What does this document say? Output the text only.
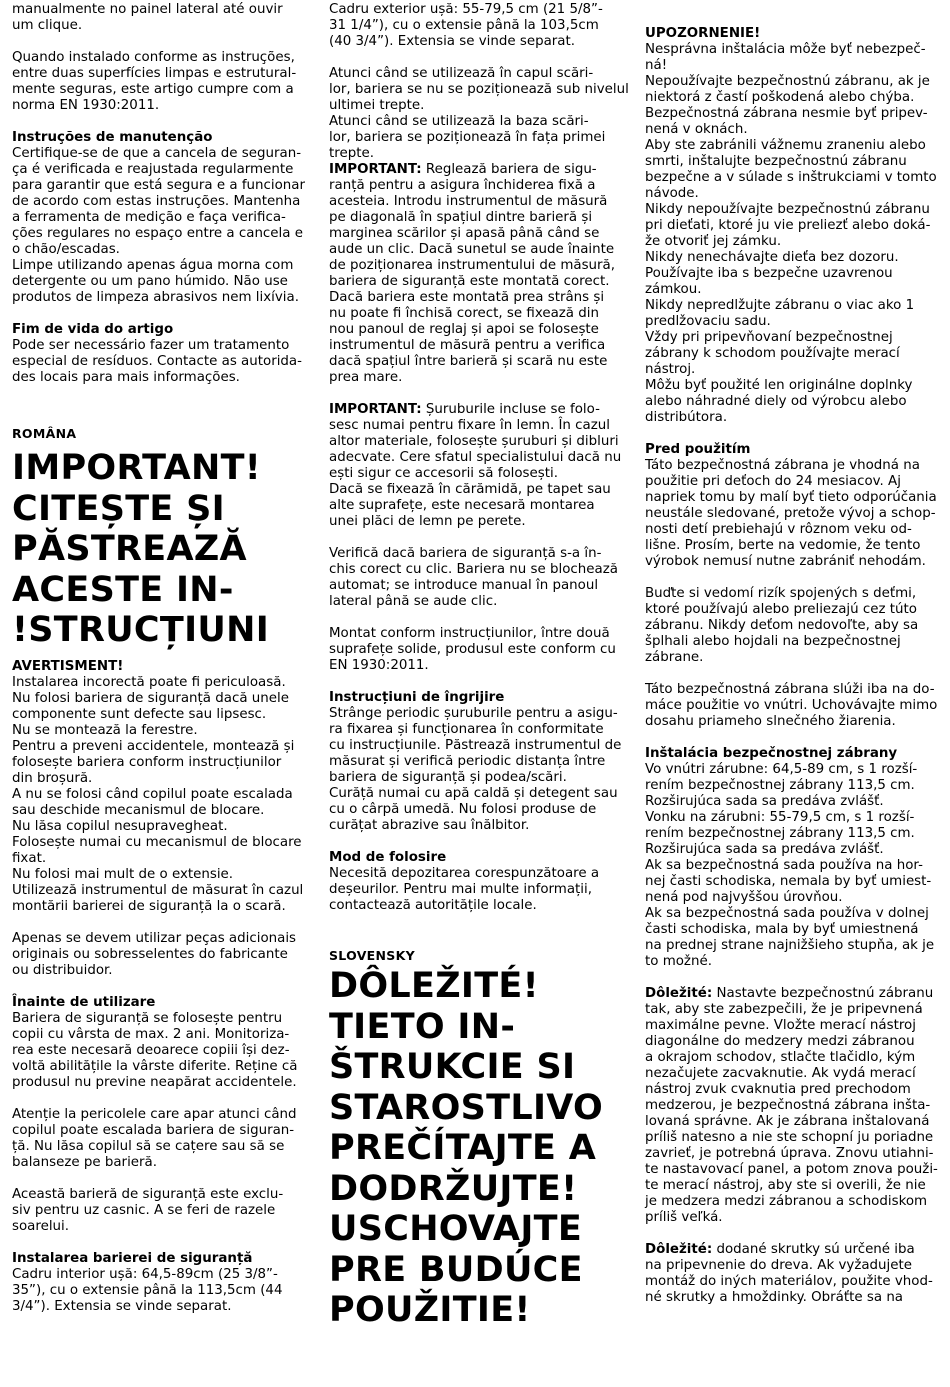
manualmente no painel lateral até ouvir
um clique.

Quando instalado conforme as instruções,
entre duas superfícies limpas e estrutural-
mente seguras, este artigo cumpre com a
norma EN 1930:2011.

Instruções de manutenção

Certifique-se de que a cancela de seguran-
ça é verificada e reajustada regularmente
para garantir que está segura e a funcionar
de acordo com estas instruções. Mantenha
a ferramenta de medição e faça verifica-
ções regulares no espaço entre a cancela e
o chão/escadas.
Limpe utilizando apenas água morna com
detergente ou um pano húmido. Não use
produtos de limpeza abrasivos nem lixívia.

Fim de vida do artigo

Pode ser necessário fazer um tratamento
especial de resíduos. Contacte as autorida-
des locais para mais informações.

ROMÂNA

IMPORTANT!
CITEȘTE ȘI
PĂSTREAZĂ
ACESTE IN-
!STRUCȚIUNI

AVERTISMENT!

Instalarea incorectă poate fi periculoasă.
Nu folosi bariera de siguranță dacă unele
componente sunt defecte sau lipsesc.
Nu se montează la ferestre.
Pentru a preveni accidentele, montează și
folosește bariera conform instrucțiunilor
din broșură.
A nu se folosi când copilul poate escalada
sau deschide mecanismul de blocare.
Nu lăsa copilul nesupravegheat.
Folosește numai cu mecanismul de blocare
fixat.
Nu folosi mai mult de o extensie.
Utilizează instrumentul de măsurat în cazul
montării barierei de siguranță la o scară.

Apenas se devem utilizar peças adicionais
originais ou sobresselentes do fabricante
ou distribuidor.

Înainte de utilizare

Bariera de siguranță se folosește pentru
copii cu vârsta de max. 2 ani. Monitoriza-
rea este necesară deoarece copiii își dez-
voltă abilitățile la vârste diferite. Reține că
produsul nu previne neapărat accidentele.

Atenție la pericolele care apar atunci când
copilul poate escalada bariera de siguran-
ță. Nu lăsa copilul să se cațere sau să se
balanseze pe barieră.

Această barieră de siguranță este exclu-
siv pentru uz casnic. A se feri de razele
soarelui.

Instalarea barierei de siguranță

Cadru interior ușă: 64,5-89cm (25 3/8”-
35”), cu o extensie până la 113,5cm (44
3/4”). Extensia se vinde separat.

Cadru exterior ușă: 55-79,5 cm (21 5/8”-
31 1/4”), cu o extensie până la 103,5cm
(40 3/4”). Extensia se vinde separat.

Atunci când se utilizează în capul scări-
lor, bariera se nu se poziționează sub nivelul
ultimei trepte.
Atunci când se utilizează la baza scări-
lor, bariera se poziționează în fața primei
trepte.

IMPORTANT: Reglează bariera de sigu-
ranță pentru a asigura închiderea fixă a
acesteia. Introdu instrumentul de măsură
pe diagonală în spațiul dintre barieră și
marginea scărilor și apasă până când se
aude un clic. Dacă sunetul se aude înainte
de poziționarea instrumentului de măsură,
bariera de siguranță este montată corect.
Dacă bariera este montată prea strâns și
nu poate fi închisă corect, se fixează din
nou panoul de reglaj și apoi se folosește
instrumentul de măsură pentru a verifica
dacă spațiul între barieră și scară nu este
prea mare.

IMPORTANT: Șuruburile incluse se folo-
sesc numai pentru fixare în lemn. În cazul
altor materiale, folosește șuruburi și dibluri
adecvate. Cere sfatul specialistului dacă nu
ești sigur ce accesorii să folosești.
Dacă se fixează în cărămidă, pe tapet sau
alte suprafețe, este necesară montarea
unei plăci de lemn pe perete.

Verifică dacă bariera de siguranță s-a în-
chis corect cu clic. Bariera nu se blochează
automat; se introduce manual în panoul
lateral până se aude clic.

Montat conform instrucțiunilor, între două
suprafețe solide, produsul este conform cu
EN 1930:2011.

Instrucțiuni de îngrijire

Strânge periodic șuruburile pentru a asigu-
ra fixarea și funcționarea în conformitate
cu instrucțiunile. Păstrează instrumentul de
măsurat și verifică periodic distanța între
bariera de siguranță și podea/scări.
Curăță numai cu apă caldă și detegent sau
cu o cârpă umedă. Nu folosi produse de
curățat abrazive sau înălbitor.

Mod de folosire

Necesită depozitarea corespunzătoare a
deșeurilor. Pentru mai multe informații,
contactează autoritățile locale.

SLOVENSKY

DÔLEŽITÉ!
TIETO IN-
ŠTRUKCIE SI
STAROSTLIVO
PREČÍTAJTE A
DODRŽUJTE!
USCHOVAJTE
PRE BUDÚCE
POUŽITIE!

UPOZORNENIE!

Nesprávna inštalácia môže byť nebezpeč-
ná!
Nepoužívajte bezpečnostnú zábranu, ak je
niektorá z častí poškodená alebo chýba.
Bezpečnostná zábrana nesmie byť pripev-
nená v oknách.
Aby ste zabránili vážnemu zraneniu alebo
smrti, inštalujte bezpečnostnú zábranu
bezpečne a v súlade s inštrukciami v tomto
návode.
Nikdy nepoužívajte bezpečnostnú zábranu
pri dieťati, ktoré ju vie preliezť alebo doká-
že otvoriť jej zámku.
Nikdy nenechávajte dieťa bez dozoru.
Používajte iba s bezpečne uzavrenou
zámkou.
Nikdy nepredlžujte zábranu o viac ako 1
predlžovaciu sadu.
Vždy pri pripevňovaní bezpečnostnej
zábrany k schodom používajte merací
nástroj.
Môžu byť použité len originálne doplnky
alebo náhradné diely od výrobcu alebo
distribútora.

Pred použitím

Táto bezpečnostná zábrana je vhodná na
použitie pri deťoch do 24 mesiacov. Aj
napriek tomu by malí byť tieto odporúčania
neustále sledované, pretože vývoj a schop-
nosti detí prebiehajú v rôznom veku od-
lišne. Prosím, berte na vedomie, že tento
výrobok nemusí nutne zabrániť nehodám.

Buďte si vedomí rizík spojených s deťmi,
ktoré používajú alebo preliezajú cez túto
zábranu. Nikdy deťom nedovoľte, aby sa
šplhali alebo hojdali na bezpečnostnej
zábrane.

Táto bezpečnostná zábrana slúži iba na do-
máce použitie vo vnútri. Uchovávajte mimo
dosahu priameho slnečného žiarenia.

Inštalácia bezpečnostnej zábrany

Vo vnútri zárubne: 64,5-89 cm, s 1 rozší-
rením bezpečnostnej zábrany 113,5 cm.
Rozširujúca sada sa predáva zvlášť.
Vonku na zárubni: 55-79,5 cm, s 1 rozší-
rením bezpečnostnej zábrany 113,5 cm.
Rozširujúca sada sa predáva zvlášť.
Ak sa bezpečnostná sada používa na hor-
nej časti schodiska, nemala by byť umiest-
nená pod najvyššou úrovňou.
Ak sa bezpečnostná sada používa v dolnej
časti schodiska, mala by byť umiestnená
na prednej strane najnižšieho stupňa, ak je
to možné.

Dôležité: Nastavte bezpečnostnú zábranu
tak, aby ste zabezpečili, že je pripevnená
maximálne pevne. Vložte merací nástroj
diagonálne do medzery medzi zábranou
a okrajom schodov, stlačte tlačidlo, kým
nezačujete zacvaknutie. Ak vydá merací
nástroj zvuk cvaknutia pred prechodom
medzerou, je bezpečnostná zábrana inšta-
lovaná správne. Ak je zábrana inštalovaná
príliš natesno a nie ste schopní ju poriadne
zavrieť, je potrebná úprava. Znovu utiahni-
te nastavovací panel, a potom znova použi-
te merací nástroj, aby ste si overili, že nie
je medzera medzi zábranou a schodiskom
príliš veľká.

Dôležité: dodané skrutky sú určené iba
na pripevnenie do dreva. Ak vyžadujete
montáž do iných materiálov, použite vhod-
né skrutky a hmoždinky. Obráťte sa na
